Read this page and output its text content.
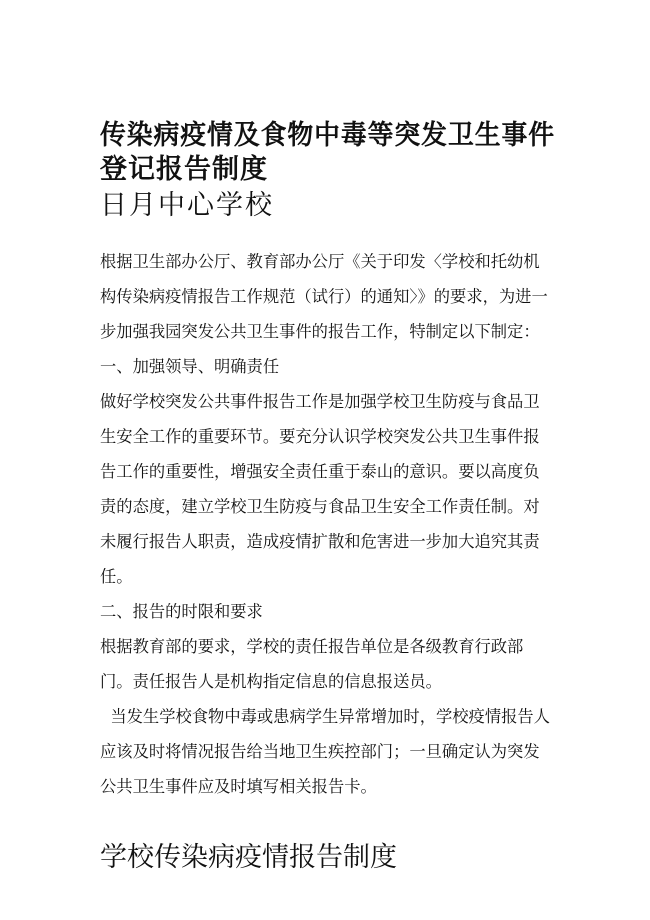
传染病疫情及食物中毒等突发卫生事件
登记报告制度
日月中心学校
根据卫生部办公厅、教育部办公厅《关于印发〈学校和托幼机
构传染病疫情报告工作规范（试行）的通知〉》的要求，为进一
步加强我园突发公共卫生事件的报告工作，特制定以下制定：
一、加强领导、明确责任
做好学校突发公共事件报告工作是加强学校卫生防疫与食品卫
生安全工作的重要环节。要充分认识学校突发公共卫生事件报
告工作的重要性，增强安全责任重于泰山的意识。要以高度负
责的态度，建立学校卫生防疫与食品卫生安全工作责任制。对
未履行报告人职责，造成疫情扩散和危害进一步加大追究其责
任。
二、报告的时限和要求
根据教育部的要求，学校的责任报告单位是各级教育行政部
门。责任报告人是机构指定信息的信息报送员。
当发生学校食物中毒或患病学生异常增加时，学校疫情报告人
应该及时将情况报告给当地卫生疾控部门；一旦确定认为突发
公共卫生事件应及时填写相关报告卡。
学校传染病疫情报告制度
